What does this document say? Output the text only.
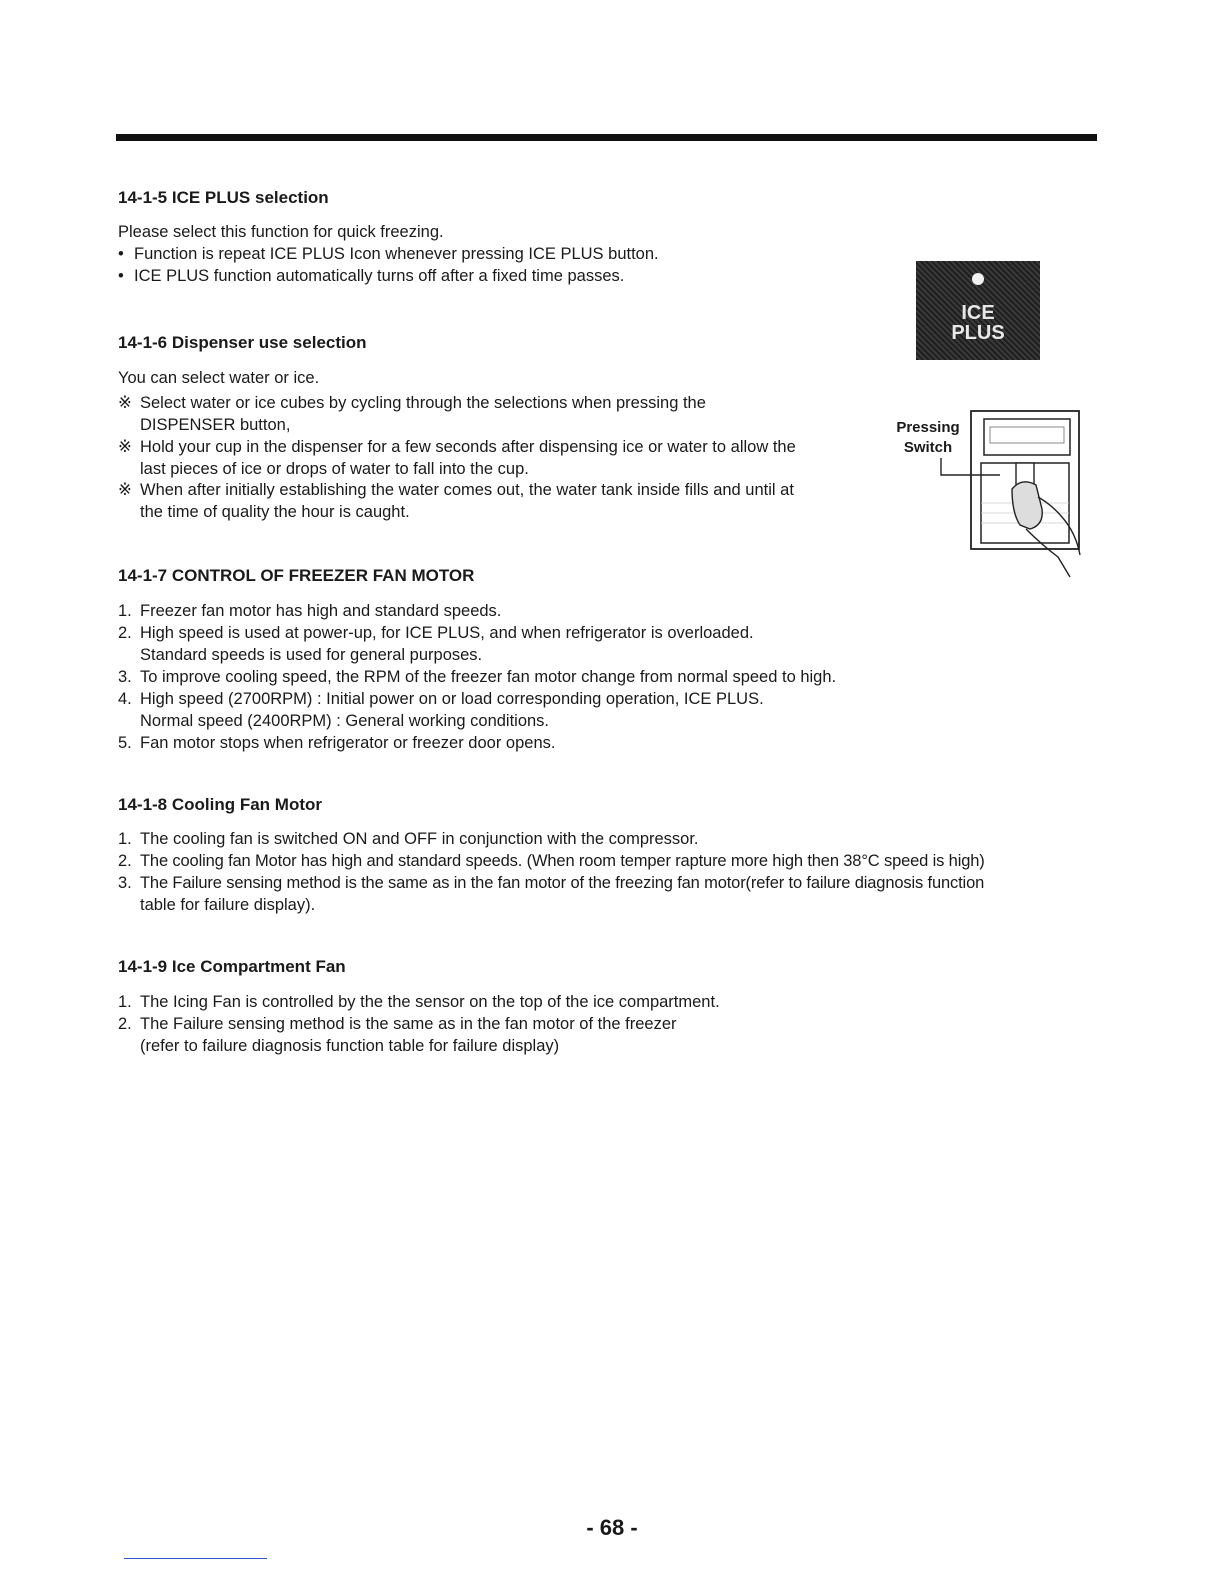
14-1-5 ICE PLUS selection

Please select this function for quick freezing.

• Function is repeat ICE PLUS Icon whenever pressing ICE PLUS button.

• ICE PLUS function automatically turns off after a fixed time passes.

14-1-6 Dispenser use selection

You can select water or ice.

※ Select water or ice cubes by cycling through the selections when pressing the

DISPENSER button,

※ Hold your cup in the dispenser for a few seconds after dispensing ice or water to allow the

last pieces of ice or drops of water to fall into the cup.

※ When after initially establishing the water comes out, the water tank inside fills and until at

the time of quality the hour is caught.

ICE
PLUS
Pressing
Switch
14-1-7 CONTROL OF FREEZER FAN MOTOR
1. Freezer fan motor has high and standard speeds.

2. High speed is used at power-up, for ICE PLUS, and when refrigerator is overloaded.

Standard speeds is used for general purposes.

3. To improve cooling speed, the RPM of the freezer fan motor change from normal speed to high.

4. High speed (2700RPM) : Initial power on or load corresponding operation, ICE PLUS.

Normal speed (2400RPM) : General working conditions.

5. Fan motor stops when refrigerator or freezer door opens.

14-1-8 Cooling Fan Motor
1. The cooling fan is switched ON and OFF in conjunction with the compressor.

2. The cooling fan Motor has high and standard speeds. (When room temper rapture more high then 38°C speed is high)

3. The Failure sensing method is the same as in the fan motor of the freezing fan motor(refer to failure diagnosis function

table for failure display).

14-1-9 Ice Compartment Fan
1. The Icing Fan is controlled by the the sensor on the top of the ice compartment.

2. The Failure sensing method is the same as in the fan motor of the freezer

(refer to failure diagnosis function table for failure display)

- 68 -
